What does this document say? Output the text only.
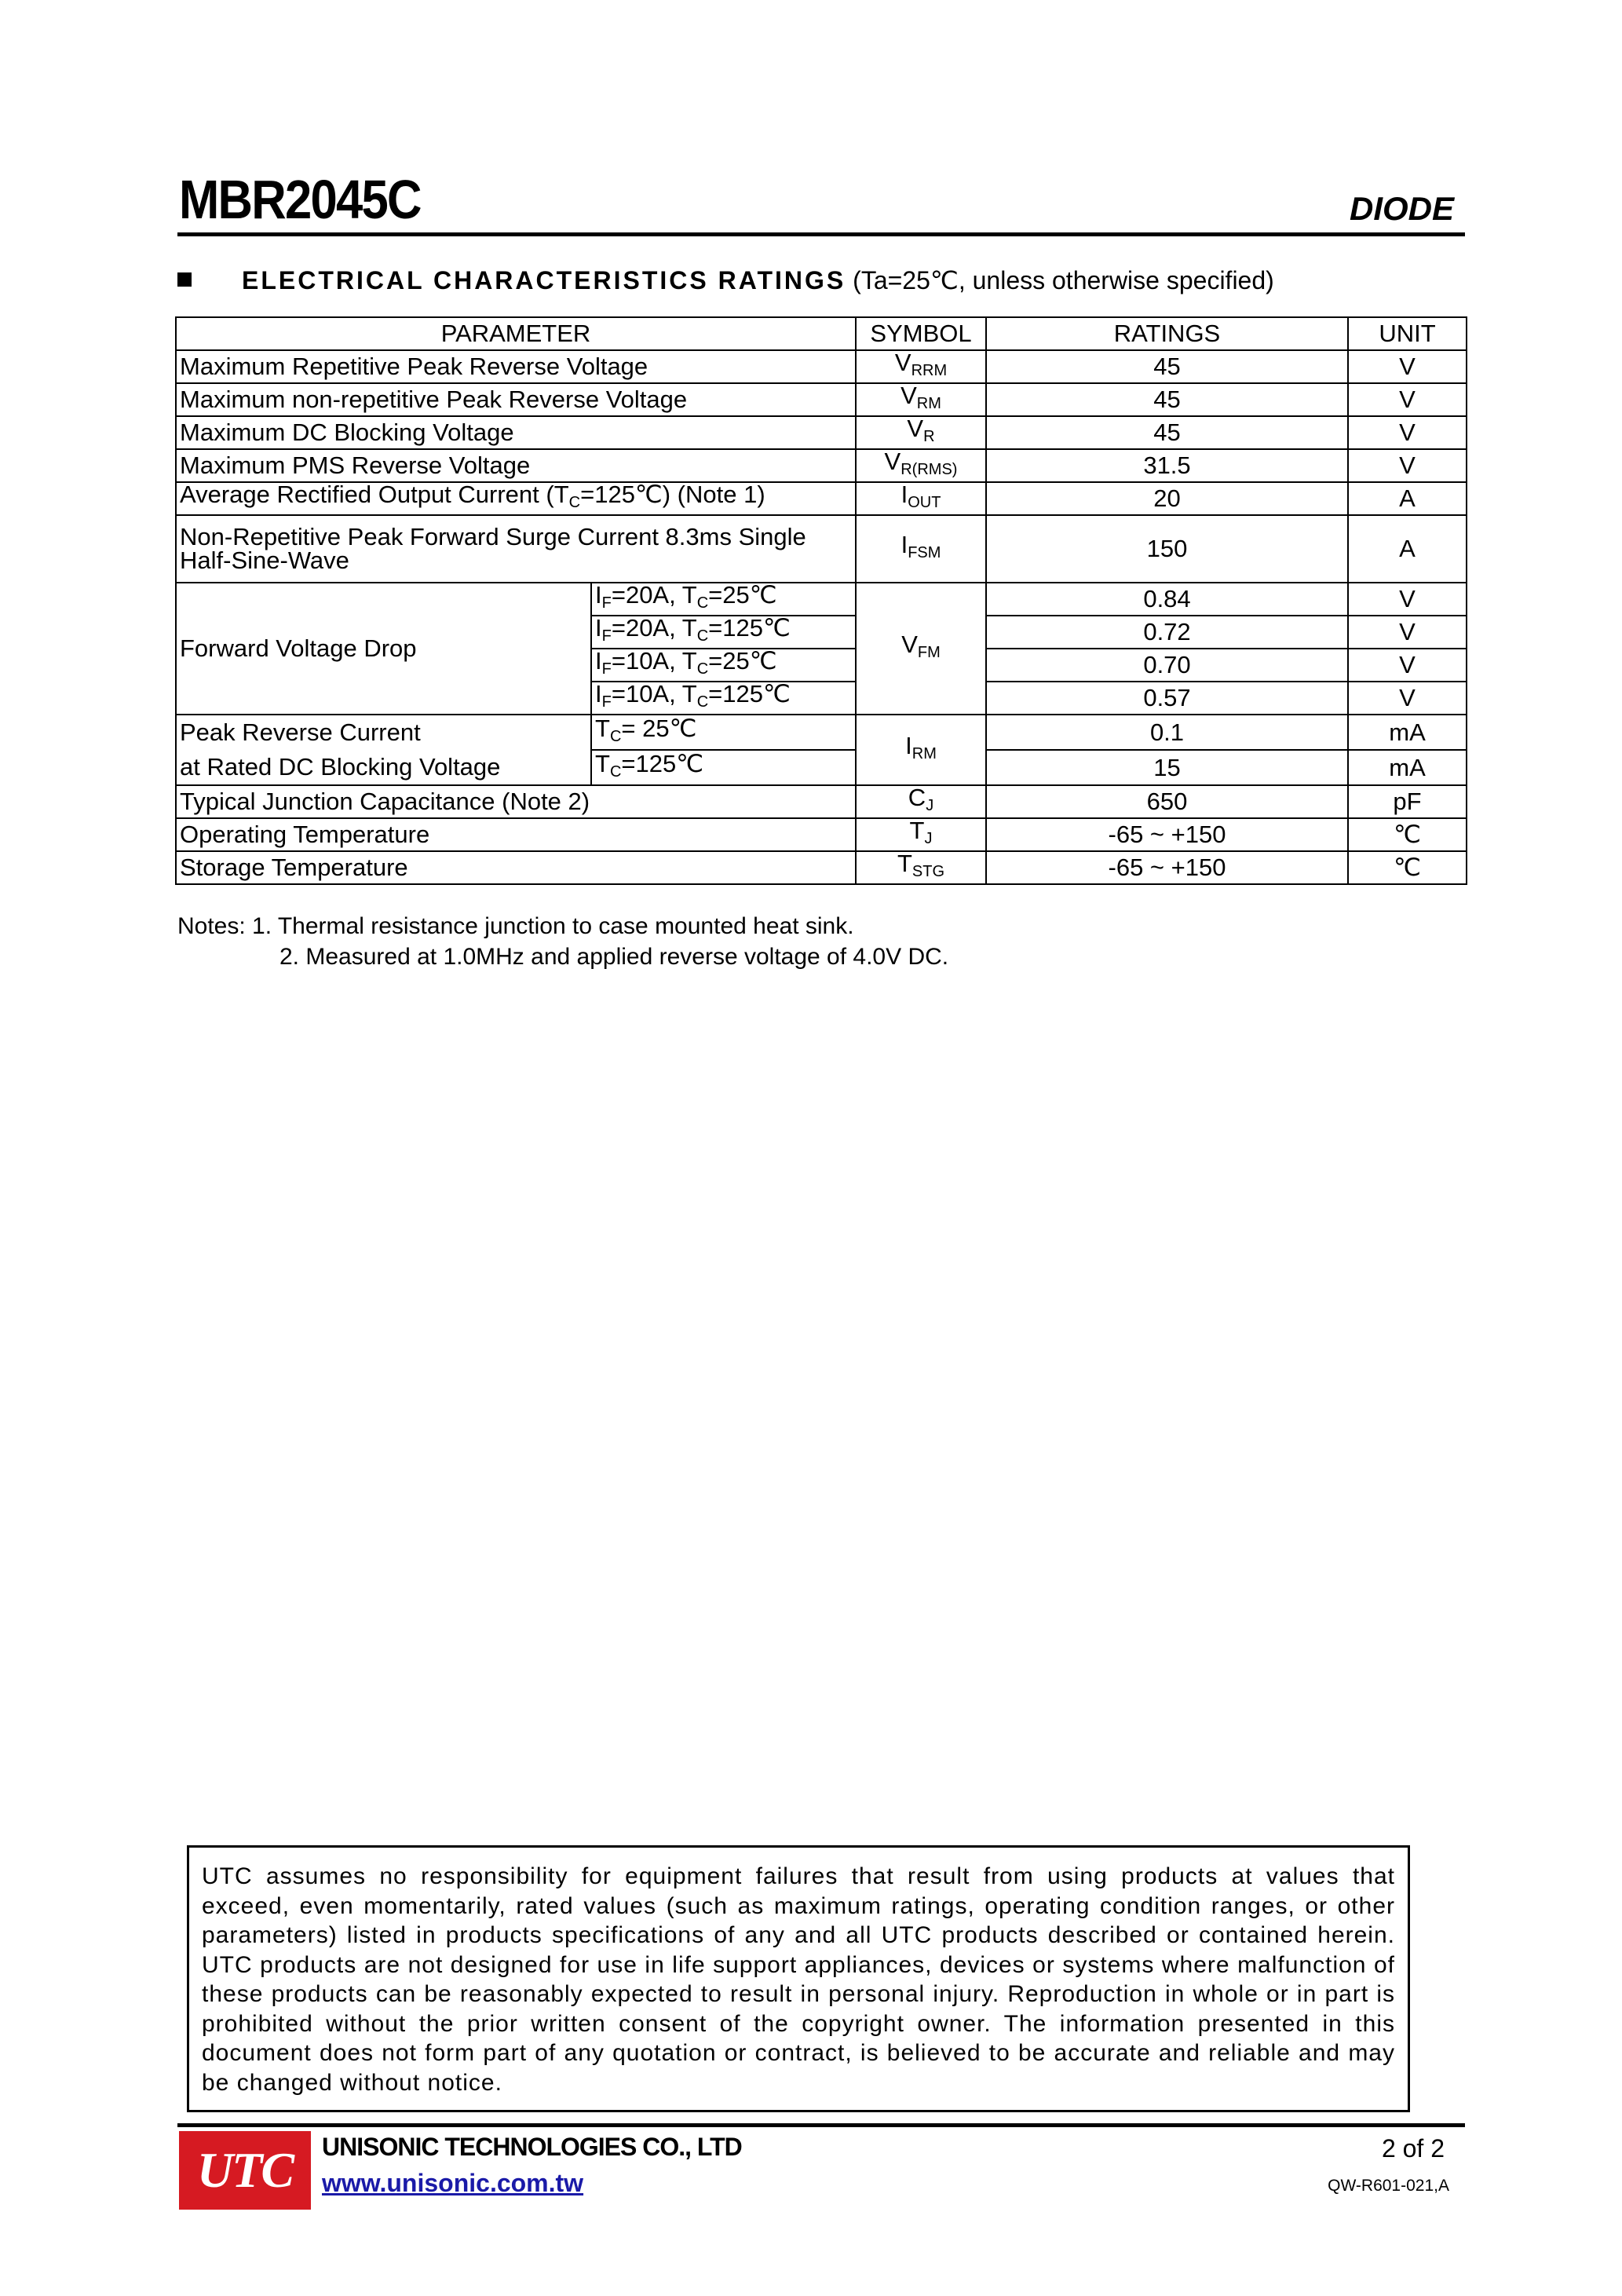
MBR2045C	DIODE
ELECTRICAL CHARACTERISTICS RATINGS (Ta=25℃, unless otherwise specified)
PARAMETER		SYMBOL	RATINGS	UNIT
Maximum Repetitive Peak Reverse Voltage		$V_{RRM}$	45	V
Maximum non-repetitive Peak Reverse Voltage		$V_{RM}$	45	V
Maximum DC Blocking Voltage		$V_R$	45	V
Maximum PMS Reverse Voltage		$V_{R(RMS)}$	31.5	V
Average Rectified Output Current $(T_C=125℃)$ (Note 1)		$I_{OUT}$	20	A
Non-Repetitive Peak Forward Surge Current 8.3ms Single Half-Sine-Wave		$I_{FSM}$	150	A
Forward Voltage Drop	$I_F=20A$, $T_C=25℃$	$V_{FM}$	0.84	V
	$I_F=20A$, $T_C=125℃$		0.72	V
	$I_F=10A$, $T_C=25℃$		0.70	V
	$I_F=10A$, $T_C=125℃$		0.57	V

Peak Reverse Current
at Rated DC Blocking Voltage	$T_C=$ 25℃	$I_{RM}$	0.1	mA
	$T_C=125℃$		15	mA
Typical Junction Capacitance (Note 2)		$C_J$	650	pF
Operating Temperature		$T_J$	-65 ~ +150	℃
Storage Temperature		$T_{STG}$	-65 ~ +150	℃
Notes: 1. Thermal resistance junction to case mounted heat sink.
2. Measured at 1.0MHz and applied reverse voltage of 4.0V DC.
UTC assumes no responsibility for equipment failures that result from using products at values that exceed, even momentarily, rated values (such as maximum ratings, operating condition ranges, or other parameters) listed in products specifications of any and all UTC products described or contained herein. UTC products are not designed for use in life support appliances, devices or systems where malfunction of these products can be reasonably expected to result in personal injury. Reproduction in whole or in part is prohibited without the prior written consent of the copyright owner. The information presented in this document does not form part of any quotation or contract, is believed to be accurate and reliable and may be changed without notice.
UTC UNISONIC TECHNOLOGIES CO., LTD
www.unisonic.com.tw
2 of 2
QW-R601-021,A
